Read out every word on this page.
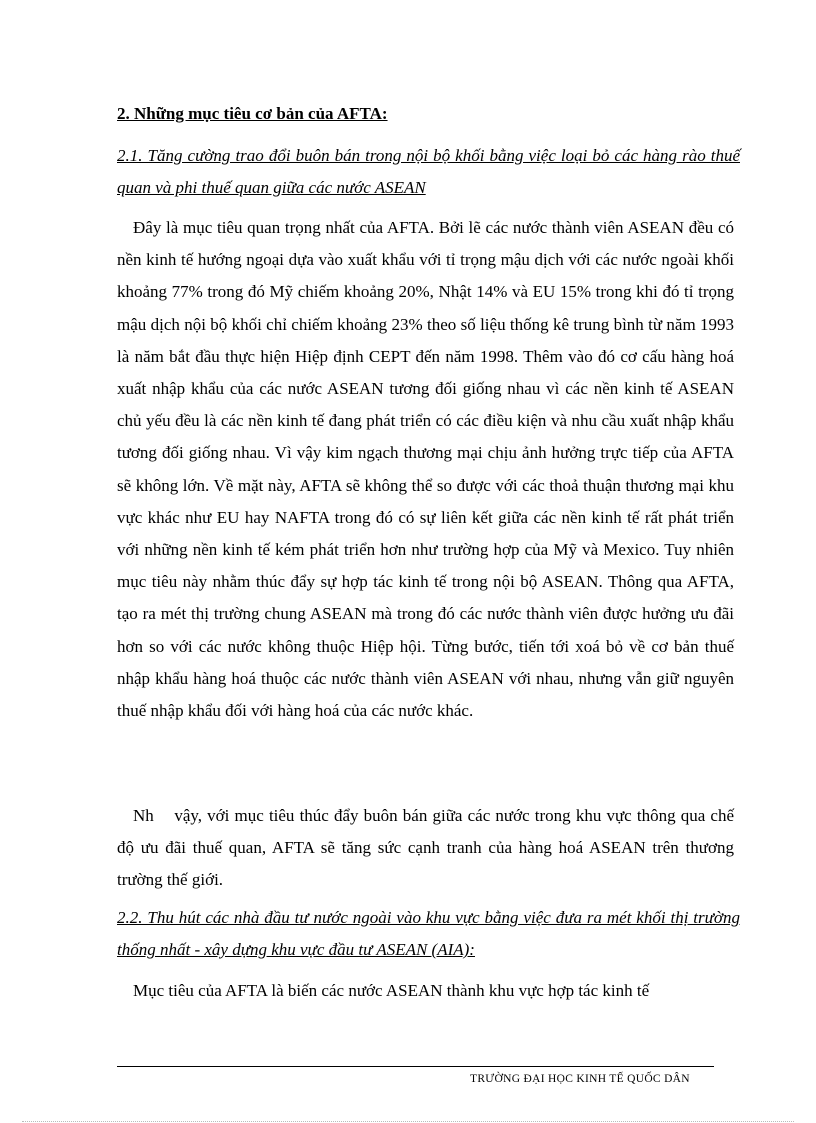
2. Những mục tiêu cơ bản của AFTA:
2.1. Tăng cường trao đổi buôn bán trong nội bộ khối bằng việc loại bỏ các hàng rào thuế quan và phi thuế quan giữa các nước ASEAN

Đây là mục tiêu quan trọng nhất của AFTA. Bởi lẽ các nước thành viên ASEAN đều có nền kinh tế hướng ngoại dựa vào xuất khẩu với tỉ trọng mậu dịch với các nước ngoài khối khoảng 77% trong đó Mỹ chiếm khoảng 20%, Nhật 14% và EU 15% trong khi đó tỉ trọng mậu dịch nội bộ khối chỉ chiếm khoảng 23% theo số liệu thống kê trung bình từ năm 1993 là năm bắt đầu thực hiện Hiệp định CEPT đến năm 1998. Thêm vào đó cơ cấu hàng hoá xuất nhập khẩu của các nước ASEAN tương đối giống nhau vì các nền kinh tế ASEAN chủ yếu đều là các nền kinh tế đang phát triển có các điều kiện và nhu cầu xuất nhập khẩu tương đối giống nhau. Vì vậy kim ngạch thương mại chịu ảnh hưởng trực tiếp của AFTA sẽ không lớn. Về mặt này, AFTA sẽ không thể so được với các thoả thuận thương mại khu vực khác như EU hay NAFTA trong đó có sự liên kết giữa các nền kinh tế rất phát triển với những nền kinh tế kém phát triển hơn như trường hợp của Mỹ và Mexico. Tuy nhiên mục tiêu này nhằm thúc đẩy sự hợp tác kinh tế trong nội bộ ASEAN. Thông qua AFTA, tạo ra mét thị trường chung ASEAN mà trong đó các nước thành viên được hưởng ưu đãi hơn so với các nước không thuộc Hiệp hội. Từng bước, tiến tới xoá bỏ về cơ bản thuế nhập khẩu hàng hoá thuộc các nước thành viên ASEAN với nhau, nhưng vẫn giữ nguyên thuế nhập khẩu đối với hàng hoá của các nước khác.

Nh    vậy, với mục tiêu thúc đẩy buôn bán giữa các nước trong khu vực thông qua chế độ ưu đãi thuế quan, AFTA sẽ tăng sức cạnh tranh của hàng hoá ASEAN trên thương trường thế giới.

2.2. Thu hút các nhà đầu tư nước ngoài vào khu vực bằng việc đưa ra mét khối thị trường thống nhất - xây dựng khu vực đầu tư ASEAN (AIA):

Mục tiêu của AFTA là biến các nước ASEAN thành khu vực hợp tác kinh tế

TRƯỜNG ĐẠI HỌC KINH TẾ QUỐC DÂN
